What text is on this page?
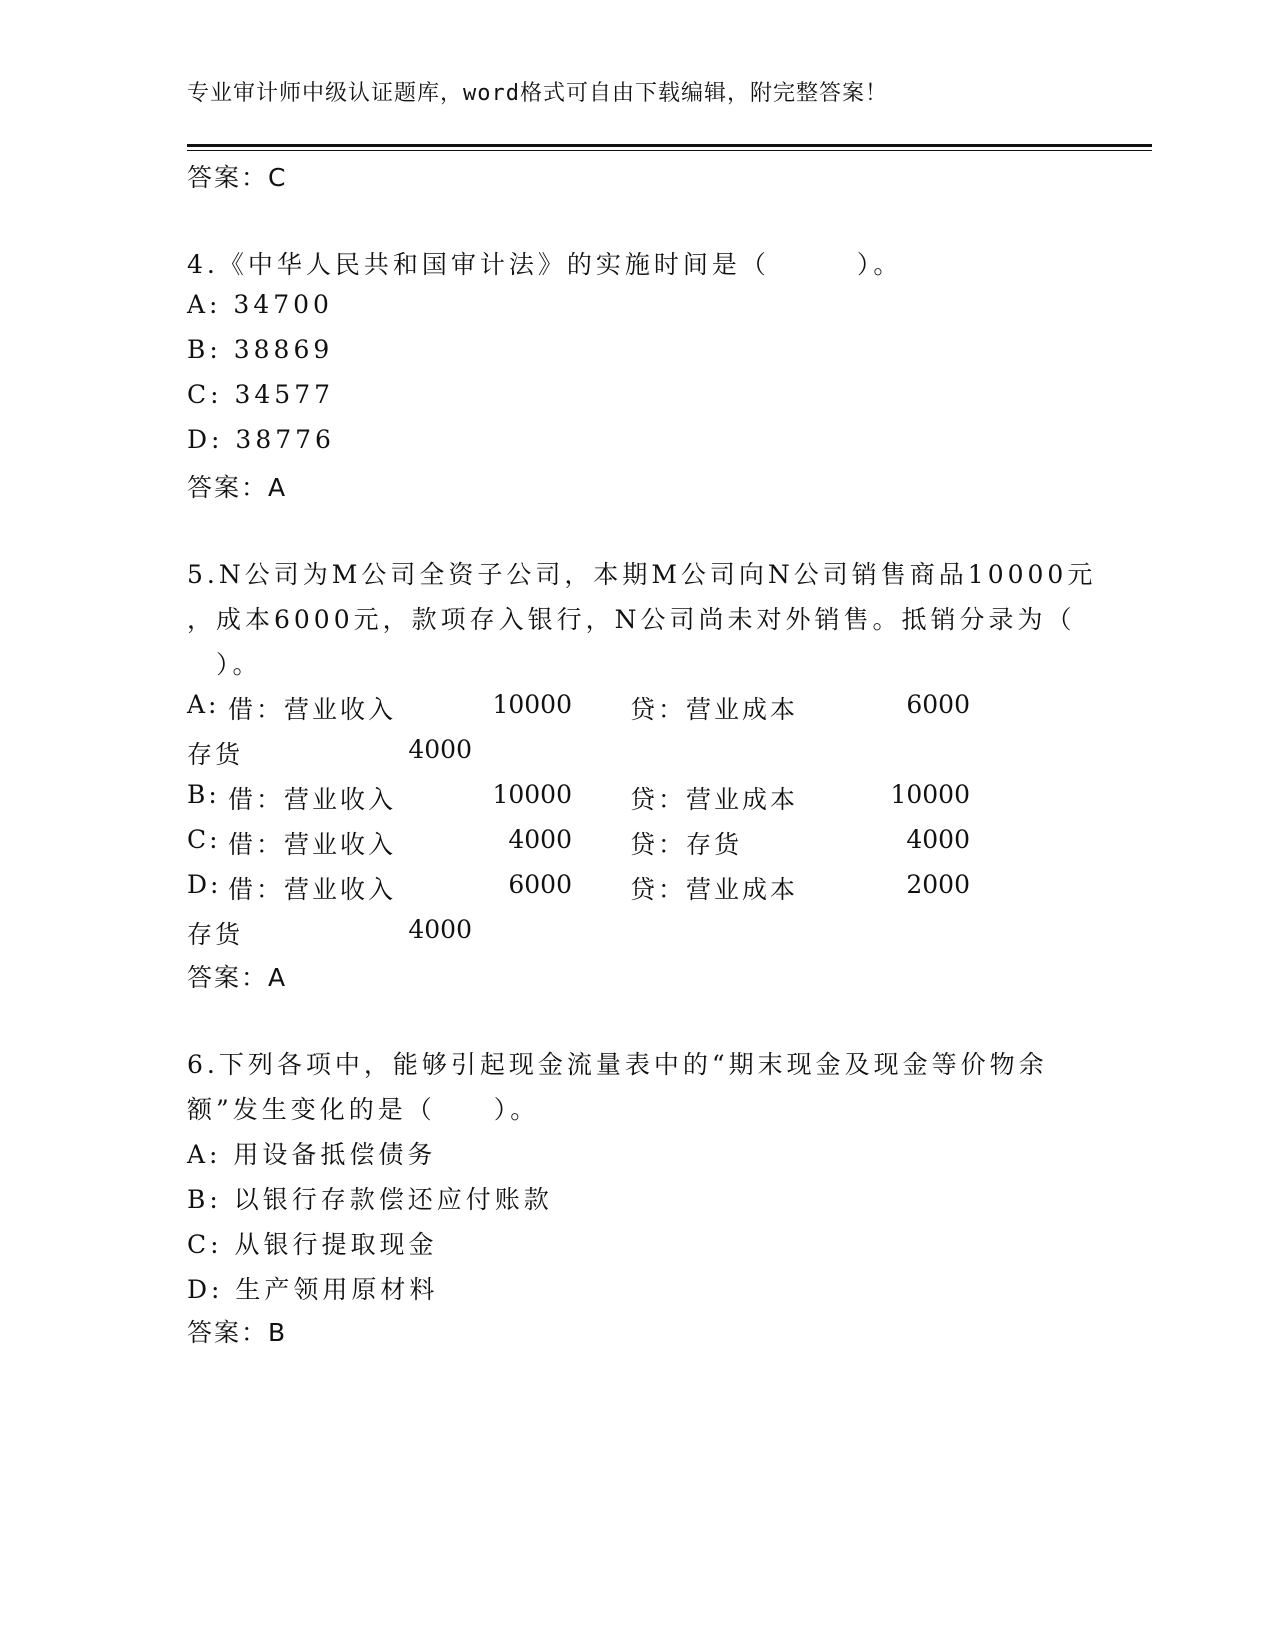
专业审计师中级认证题库，word格式可自由下载编辑，附完整答案！
答案：C
4.《中华人民共和国审计法》的实施时间是（　　　）。
A: 34700
B: 38869
C: 34577
D: 38776
答案：A
5.N公司为M公司全资子公司，本期M公司向N公司销售商品10000元
，成本6000元，款项存入银行，N公司尚未对外销售。抵销分录为（
　）。
A: 借：营业收入	10000 贷：营业成本	6000
存货	4000
B: 借：营业收入	10000 贷：营业成本	10000
C: 借：营业收入	4000 贷：存货	4000
D: 借：营业收入	6000 贷：营业成本	2000
存货	4000
答案：A
6.下列各项中，能够引起现金流量表中的“期末现金及现金等价物余
额”发生变化的是（　　）。
A: 用设备抵偿债务
B: 以银行存款偿还应付账款
C: 从银行提取现金
D: 生产领用原材料
答案：B
